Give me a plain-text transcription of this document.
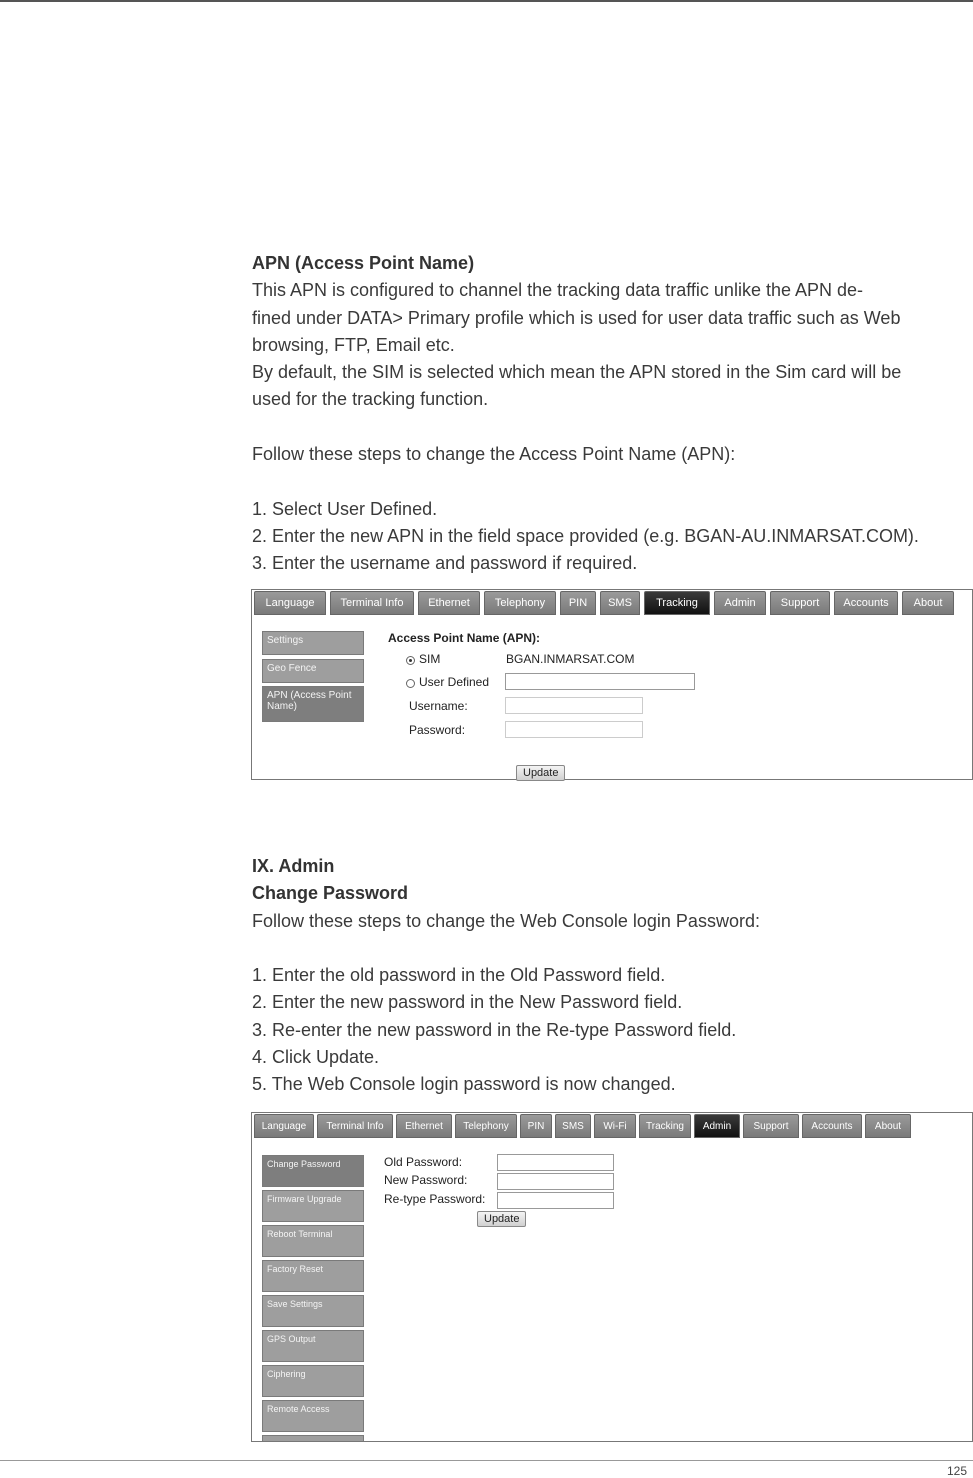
APN (Access Point Name)

This APN is configured to channel the tracking data traffic unlike the APN de-

fined under DATA> Primary profile which is used for user data traffic such as Web

browsing, FTP, Email etc.

By default, the SIM is selected which mean the APN stored in the Sim card will be

used for the tracking function.

Follow these steps to change the Access Point Name (APN):

1. Select User Defined.

2. Enter the new APN in the field space provided (e.g. BGAN-AU.INMARSAT.COM).

3. Enter the username and password if required.

Language	Terminal Info	Ethernet	Telephony	PIN	SMS	Tracking	Admin	Support	Accounts	About
Settings
Geo Fence
APN (Access Point Name)
Access Point Name (APN):
SIM	BGAN.INMARSAT.COM
User Defined
Username:
Password:
Update

IX. Admin

Change Password

Follow these steps to change the Web Console login Password:

1. Enter the old password in the Old Password field.

2. Enter the new password in the New Password field.

3. Re-enter the new password in the Re-type Password field.

4. Click Update.

5. The Web Console login password is now changed.

Language	Terminal Info	Ethernet	Telephony	PIN	SMS	Wi-Fi	Tracking	Admin	Support	Accounts	About
Change Password
Firmware Upgrade
Reboot Terminal
Factory Reset
Save Settings
GPS Output
Ciphering
Remote Access
Old Password:
New Password:
Re-type Password:
Update
125
